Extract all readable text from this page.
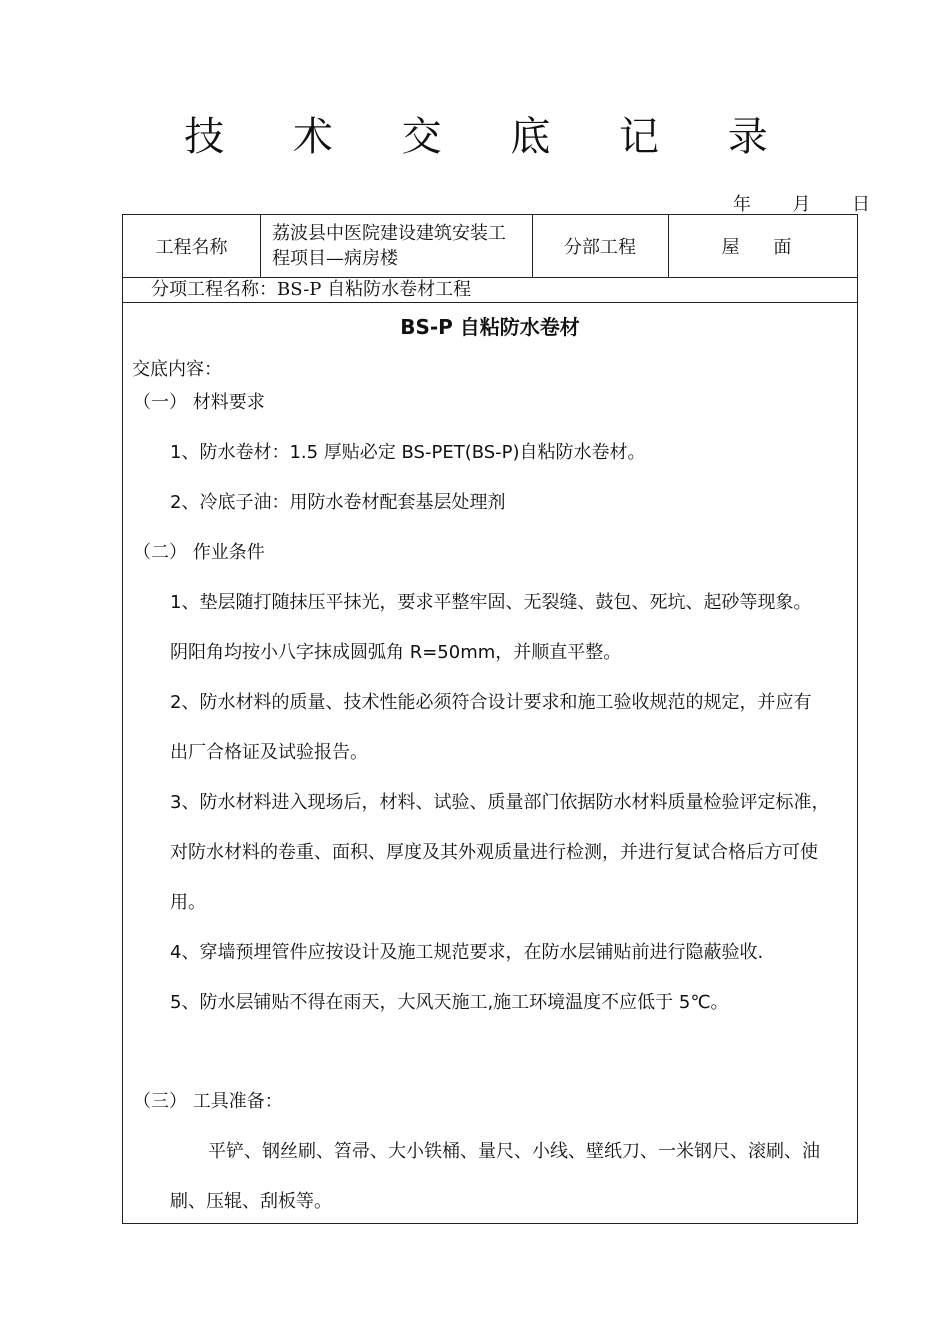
技 术 交 底 记 录
年 月 日
工程名称
荔波县中医院建设建筑安装工程项目—病房楼
分部工程	屋 面
分项工程名称：BS-P 自粘防水卷材工程
BS-P 自粘防水卷材
交底内容：
（一） 材料要求
1、防水卷材：1.5 厚贴必定 BS-PET(BS-P)自粘防水卷材。
2、冷底子油：用防水卷材配套基层处理剂
（二） 作业条件
1、垫层随打随抹压平抹光，要求平整牢固、无裂缝、鼓包、死坑、起砂等现象。
阴阳角均按小八字抹成圆弧角 R=50mm，并顺直平整。
2、防水材料的质量、技术性能必须符合设计要求和施工验收规范的规定，并应有
出厂合格证及试验报告。
3、防水材料进入现场后，材料、试验、质量部门依据防水材料质量检验评定标准，
对防水材料的卷重、面积、厚度及其外观质量进行检测，并进行复试合格后方可使
用。
4、穿墙预埋管件应按设计及施工规范要求，在防水层铺贴前进行隐蔽验收.
5、防水层铺贴不得在雨天，大风天施工,施工环境温度不应低于 5℃。
（三） 工具准备：
平铲、钢丝刷、笤帚、大小铁桶、量尺、小线、壁纸刀、一米钢尺、滚刷、油
刷、压辊、刮板等。
